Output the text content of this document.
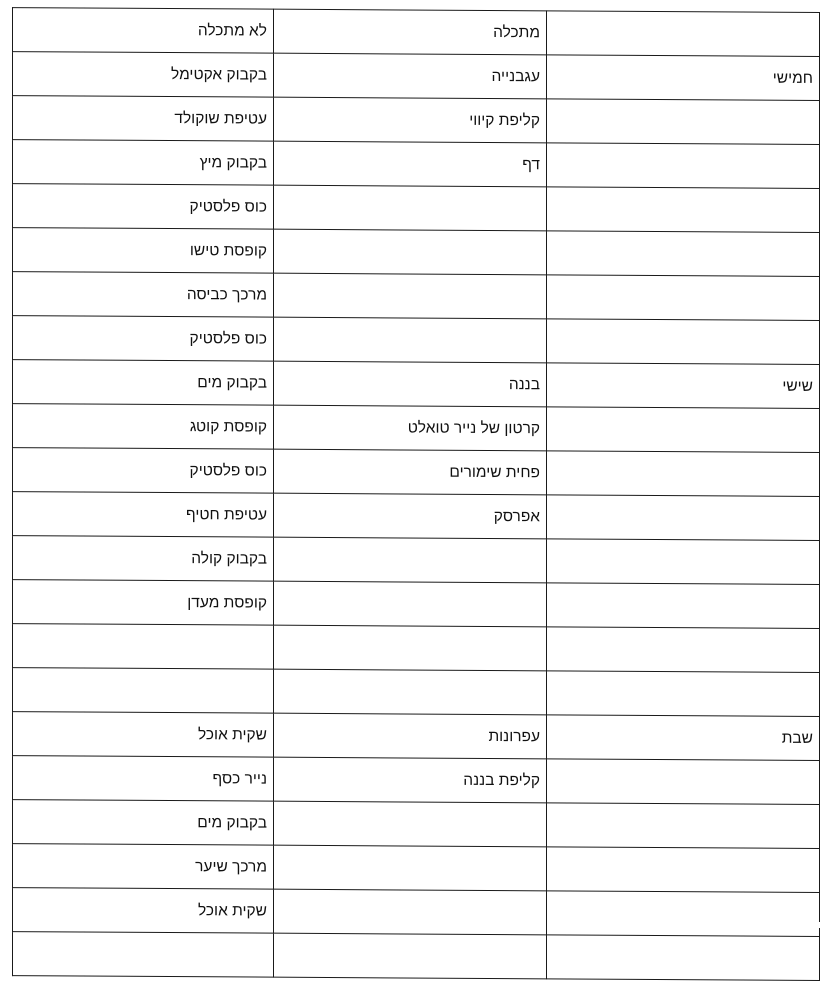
	מתכלה	לא מתכלה
חמישי	עגבנייה	בקבוק אקטימל
	קליפת קיווי	עטיפת שוקולד
	דף	בקבוק מיץ
		כוס פלסטיק
		קופסת טישו
		מרכך כביסה
		כוס פלסטיק
שישי	בננה	בקבוק מים
	קרטון של נייר טואלט	קופסת קוטג
	פחית שימורים	כוס פלסטיק
	אפרסק	עטיפת חטיף
		בקבוק קולה
		קופסת מעדן

שבת	עפרונות	שקית אוכל
	קליפת בננה	נייר כסף
		בקבוק מים
		מרכך שיער
		שקית אוכל
